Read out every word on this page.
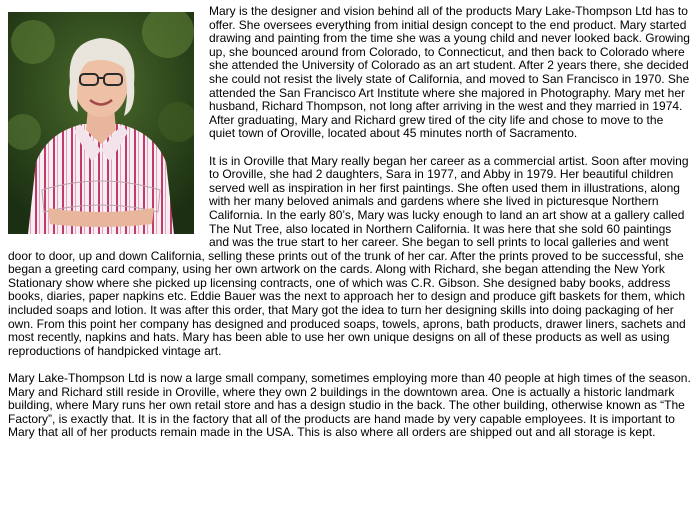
Mary is the designer and vision behind all of the products Mary Lake-Thompson Ltd has to offer. She oversees everything from initial design concept to the end product. Mary started drawing and painting from the time she was a young child and never looked back. Growing up, she bounced around from Colorado, to Connecticut, and then back to Colorado where she attended the University of Colorado as an art student. After 2 years there, she decided she could not resist the lively state of California, and moved to San Francisco in 1970. She attended the San Francisco Art Institute where she majored in Photography. Mary met her husband, Richard Thompson, not long after arriving in the west and they married in 1974. After graduating, Mary and Richard grew tired of the city life and chose to move to the quiet town of Oroville, located about 45 minutes north of Sacramento.

It is in Oroville that Mary really began her career as a commercial artist. Soon after moving to Oroville, she had 2 daughters, Sara in 1977, and Abby in 1979. Her beautiful children served well as inspiration in her first paintings. She often used them in illustrations, along with her many beloved animals and gardens where she lived in picturesque Northern California. In the early 80’s, Mary was lucky enough to land an art show at a gallery called The Nut Tree, also located in Northern California. It was here that she sold 60 paintings and was the true start to her career. She began to sell prints to local galleries and went door to door, up and down California, selling these prints out of the trunk of her car. After the prints proved to be successful, she began a greeting card company, using her own artwork on the cards. Along with Richard, she began attending the New York Stationary show where she picked up licensing contracts, one of which was C.R. Gibson. She designed baby books, address books, diaries, paper napkins etc. Eddie Bauer was the next to approach her to design and produce gift baskets for them, which included soaps and lotion. It was after this order, that Mary got the idea to turn her designing skills into doing packaging of her own. From this point her company has designed and produced soaps, towels, aprons, bath products, drawer liners, sachets and most recently, napkins and hats. Mary has been able to use her own unique designs on all of these products as well as using reproductions of handpicked vintage art.

Mary Lake-Thompson Ltd is now a large small company, sometimes employing more than 40 people at high times of the season. Mary and Richard still reside in Oroville, where they own 2 buildings in the downtown area. One is actually a historic landmark building, where Mary runs her own retail store and has a design studio in the back. The other building, otherwise known as “The Factory”, is exactly that. It is in the factory that all of the products are hand made by very capable employees. It is important to Mary that all of her products remain made in the USA. This is also where all orders are shipped out and all storage is kept.
